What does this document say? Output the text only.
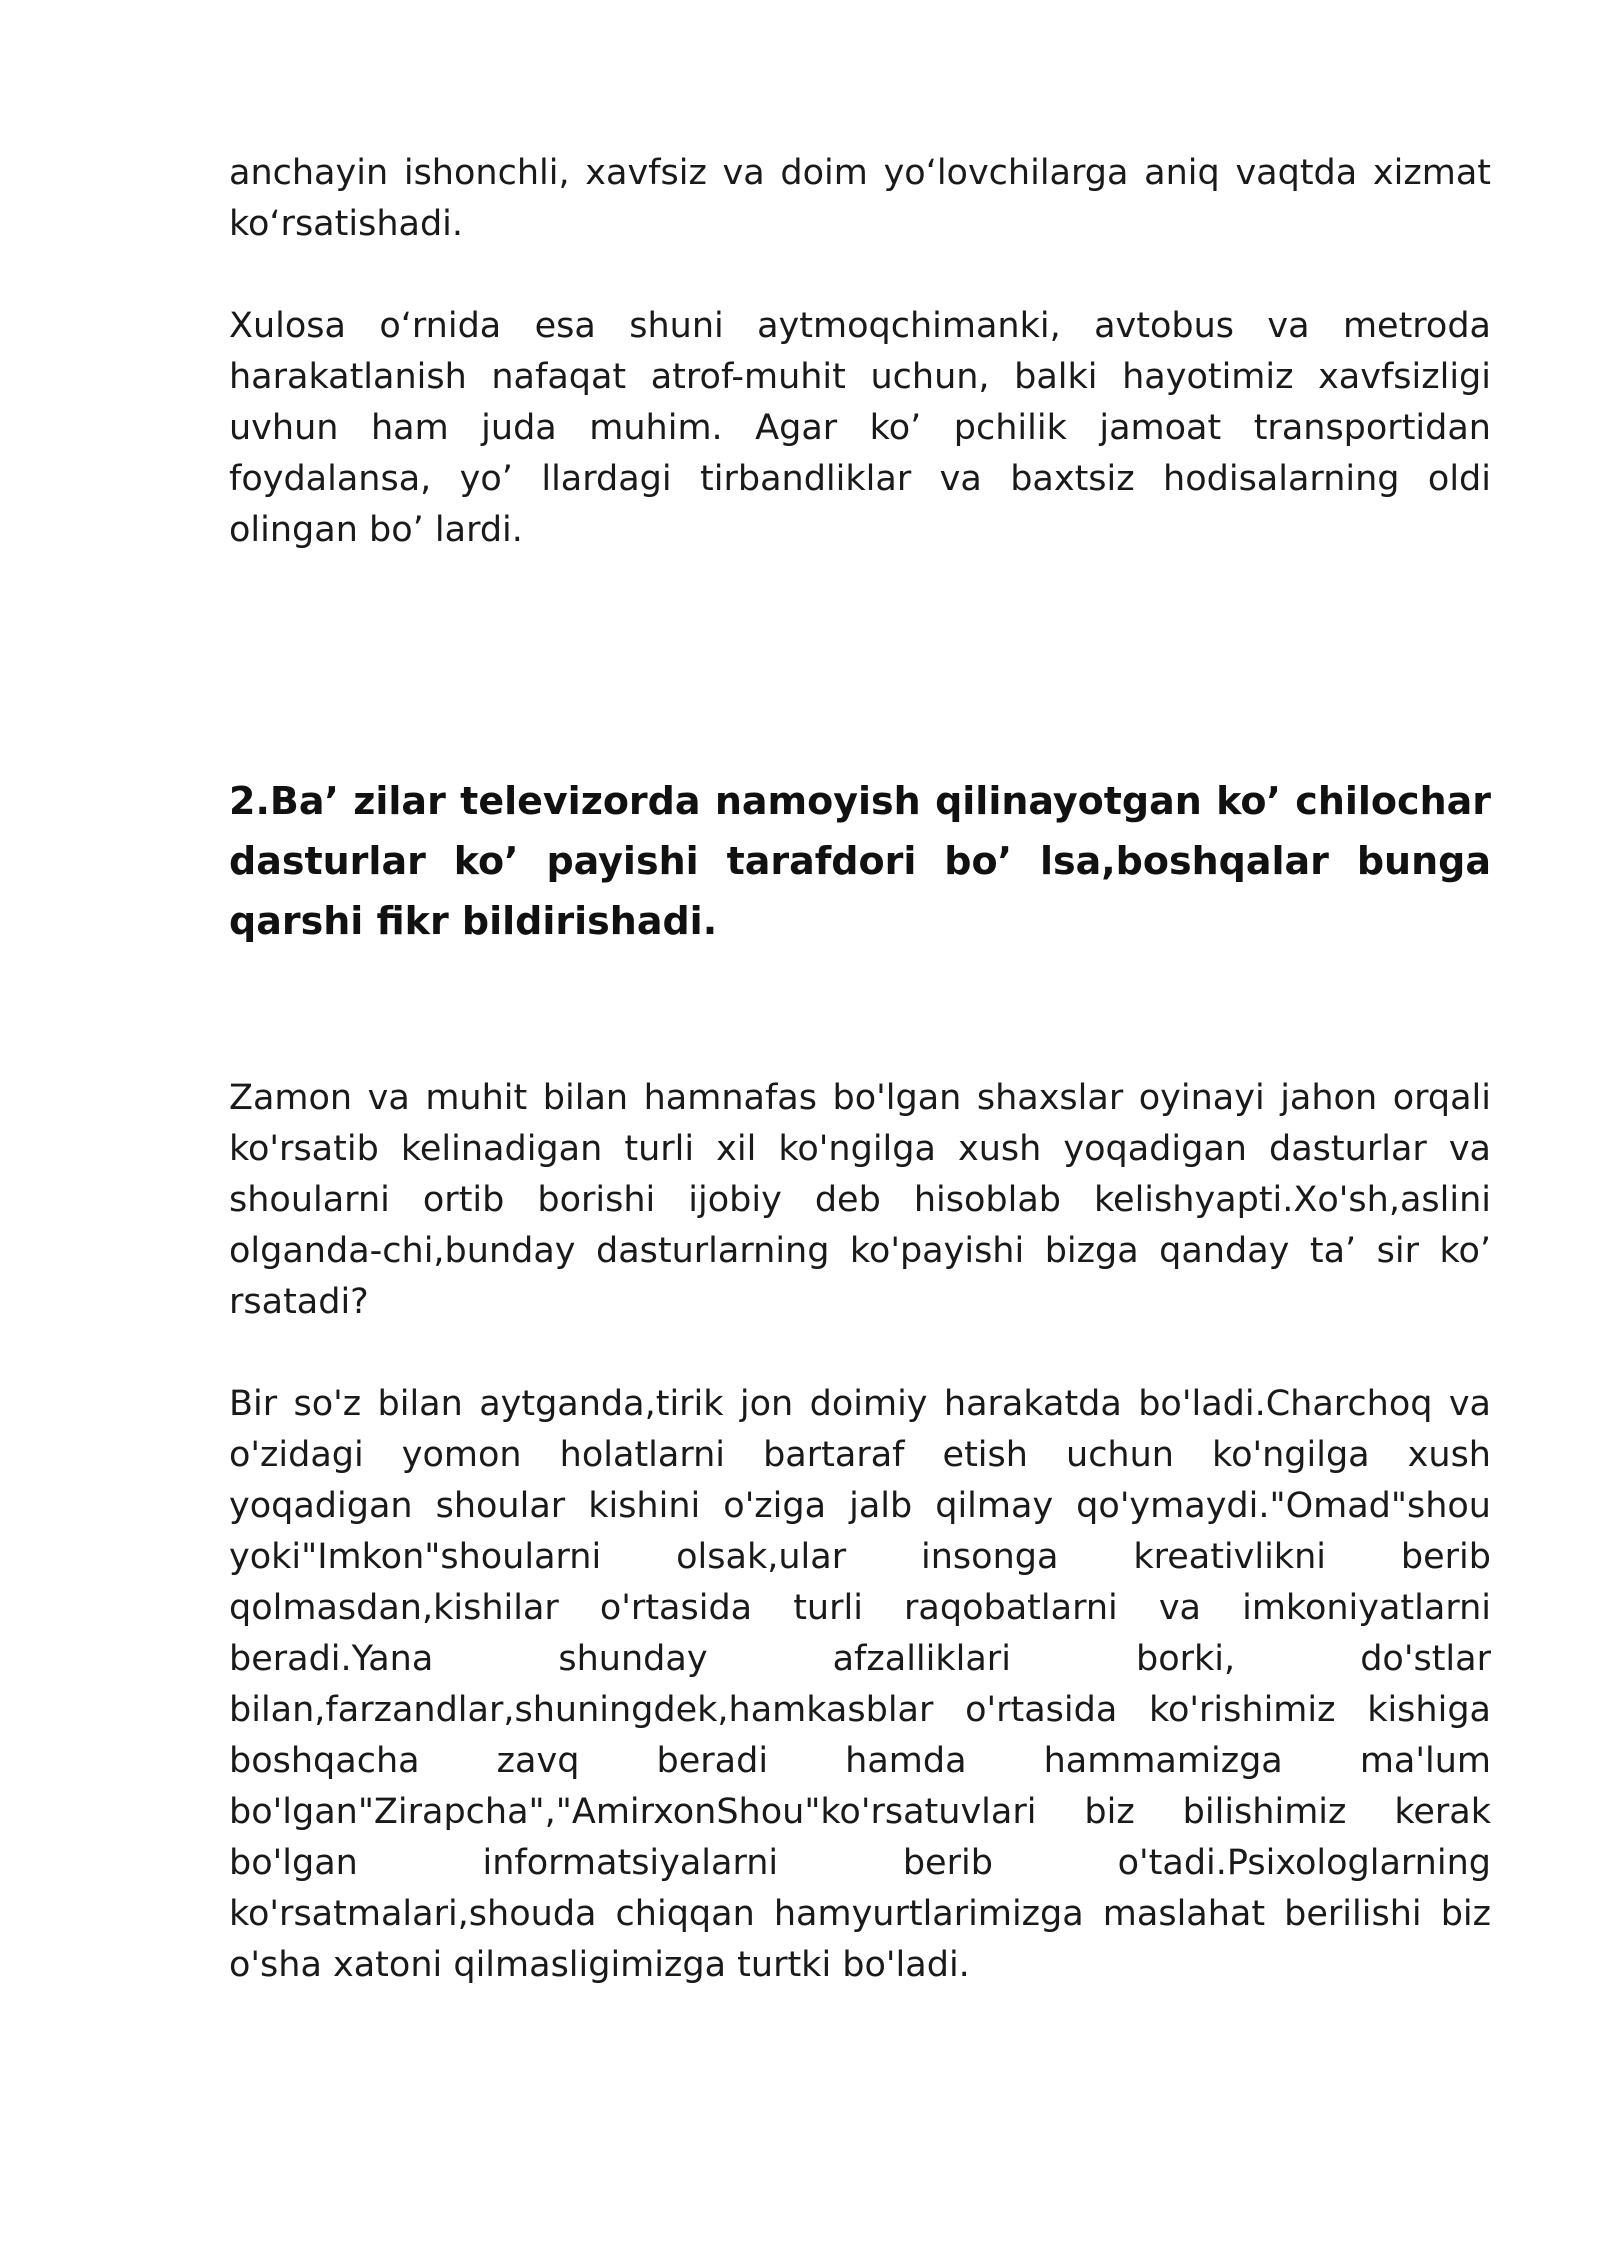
anchayin ishonchli, xavfsiz va doim yo‘lovchilarga aniq vaqtda xizmat ko‘rsatishadi.

Xulosa o‘rnida esa shuni aytmoqchimanki, avtobus va metroda harakatlanish nafaqat atrof-muhit uchun, balki hayotimiz xavfsizligi uvhun ham juda muhim. Agar ko’ pchilik jamoat transportidan foydalansa, yo’ llardagi tirbandliklar va baxtsiz hodisalarning oldi olingan bo’ lardi.

2.Ba’ zilar televizorda namoyish qilinayotgan ko’ chilochar dasturlar ko’ payishi tarafdori bo’ lsa,boshqalar bunga qarshi fikr bildirishadi.

Zamon va muhit bilan hamnafas bo'lgan shaxslar oyinayi jahon orqali ko'rsatib kelinadigan turli xil ko'ngilga xush yoqadigan dasturlar va shoularni ortib borishi ijobiy deb hisoblab kelishyapti.Xo'sh,aslini olganda-chi,bunday dasturlarning ko'payishi bizga qanday ta’ sir ko’ rsatadi?

Bir so'z bilan aytganda,tirik jon doimiy harakatda bo'ladi.Charchoq va o'zidagi yomon holatlarni bartaraf etish uchun ko'ngilga xush yoqadigan shoular kishini o'ziga jalb qilmay qo'ymaydi."Omad"shou yoki"Imkon"shoularni olsak,ular insonga kreativlikni berib qolmasdan,kishilar o'rtasida turli raqobatlarni va imkoniyatlarni beradi.Yana shunday afzalliklari borki, do'stlar bilan,farzandlar,shuningdek,hamkasblar o'rtasida ko'rishimiz kishiga boshqacha zavq beradi hamda hammamizga ma'lum bo'lgan"Zirapcha","AmirxonShou"ko'rsatuvlari biz bilishimiz kerak bo'lgan informatsiyalarni berib o'tadi.Psixologlarning ko'rsatmalari,shouda chiqqan hamyurtlarimizga maslahat berilishi biz o'sha xatoni qilmasligimizga turtki bo'ladi.
